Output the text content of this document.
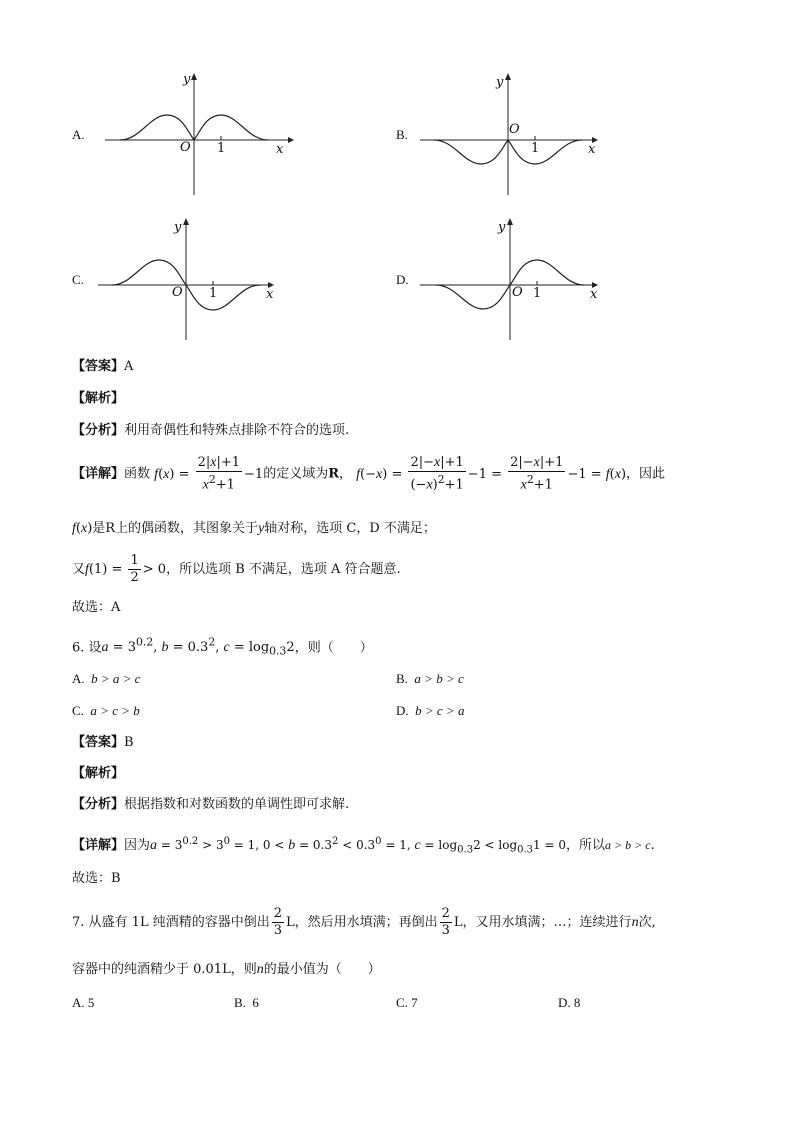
A.
y
O 1	x
B.
y
O
1	x
C.
y
O 1	x
D.
y
O 1	x
【答案】A
【解析】
【分析】利用奇偶性和特殊点排除不符合的选项.
【详解】函数 $f(x) = \frac{2|x|+1}{x^2+1} -1$的定义域为R， $f(-x) = \frac{2|-x|+1}{(-x)^2+1} -1 = \frac{2|-x|+1}{x^2+1} -1 = f(x)$，因此
f(x)是R上的偶函数，其图象关于y轴对称，选项 C，D 不满足；
又$f(1) = \frac{1}{2} > 0$，所以选项 B 不满足，选项 A 符合题意.
故选：A
6. 设$a = 3^{0.2}$, $b = 0.3^2$, $c = \log_{0.3}2$，则（　　）
A. b > a > c	B. a > b > c
C. a > c > b	D. b > c > a
【答案】B
【解析】
【分析】根据指数和对数函数的单调性即可求解.
【详解】因为$a = 3^{0.2} > 3^0 = 1$, $0 < b = 0.3^2 < 0.3^0 = 1$, $c = \log_{0.3}2 < \log_{0.3}1 = 0$，所以a > b > c.
故选：B
7. 从盛有 1L 纯酒精的容器中倒出 $\frac{2}{3}$ L，然后用水填满；再倒出 $\frac{2}{3}$ L，又用水填满；…；连续进行n次,
容器中的纯酒精少于 0.01L，则n的最小值为（　　）
A. 5	B. 6	C. 7	D. 8
